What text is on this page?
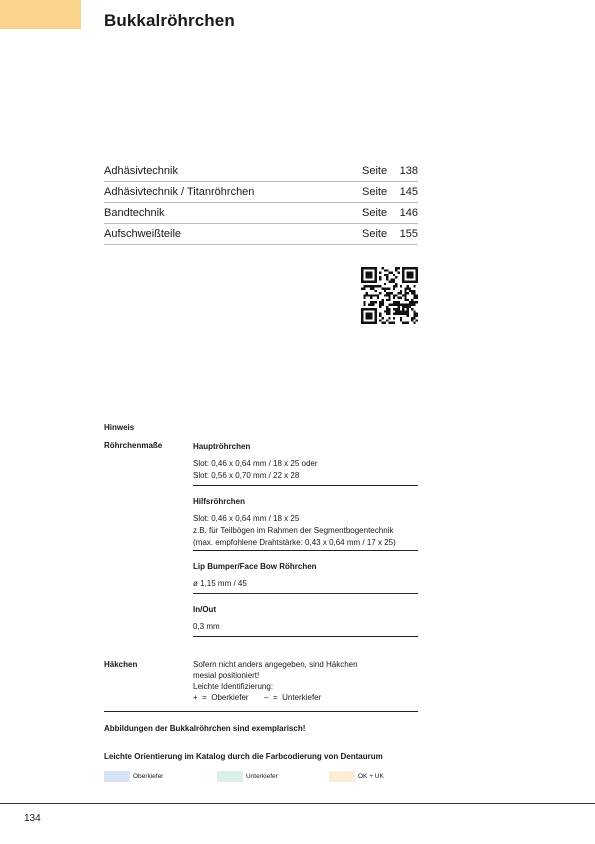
Bukkalröhrchen
Adhäsivtechnik	Seite 138
Adhäsivtechnik / Titanröhrchen	Seite 145
Bandtechnik	Seite 146
Aufschweißteile	Seite 155
Hinweis
Röhrchenmaße	Hauptröhrchen
Slot: 0,46 x 0,64 mm / 18 x 25 oder
Slot: 0,56 x 0,70 mm / 22 x 28
Hilfsröhrchen
Slot: 0,46 x 0,64 mm / 18 x 25
z.B. für Teilbögen im Rahmen der Segmentbogentechnik
(max. empfohlene Drahtstärke: 0,43 x 0,64 mm / 17 x 25)
Lip Bumper/Face Bow Röhrchen
ø 1,15 mm / 45
In/Out
0,3 mm
Häkchen	Sofern nicht anders angegeben, sind Häkchen
mesial positioniert!
Leichte Identifizierung:
+  =  Oberkiefer       –  =  Unterkiefer
Abbildungen der Bukkalröhrchen sind exemplarisch!
Leichte Orientierung im Katalog durch die Farbcodierung von Dentaurum
Oberkiefer	Unterkiefer	OK + UK
134
